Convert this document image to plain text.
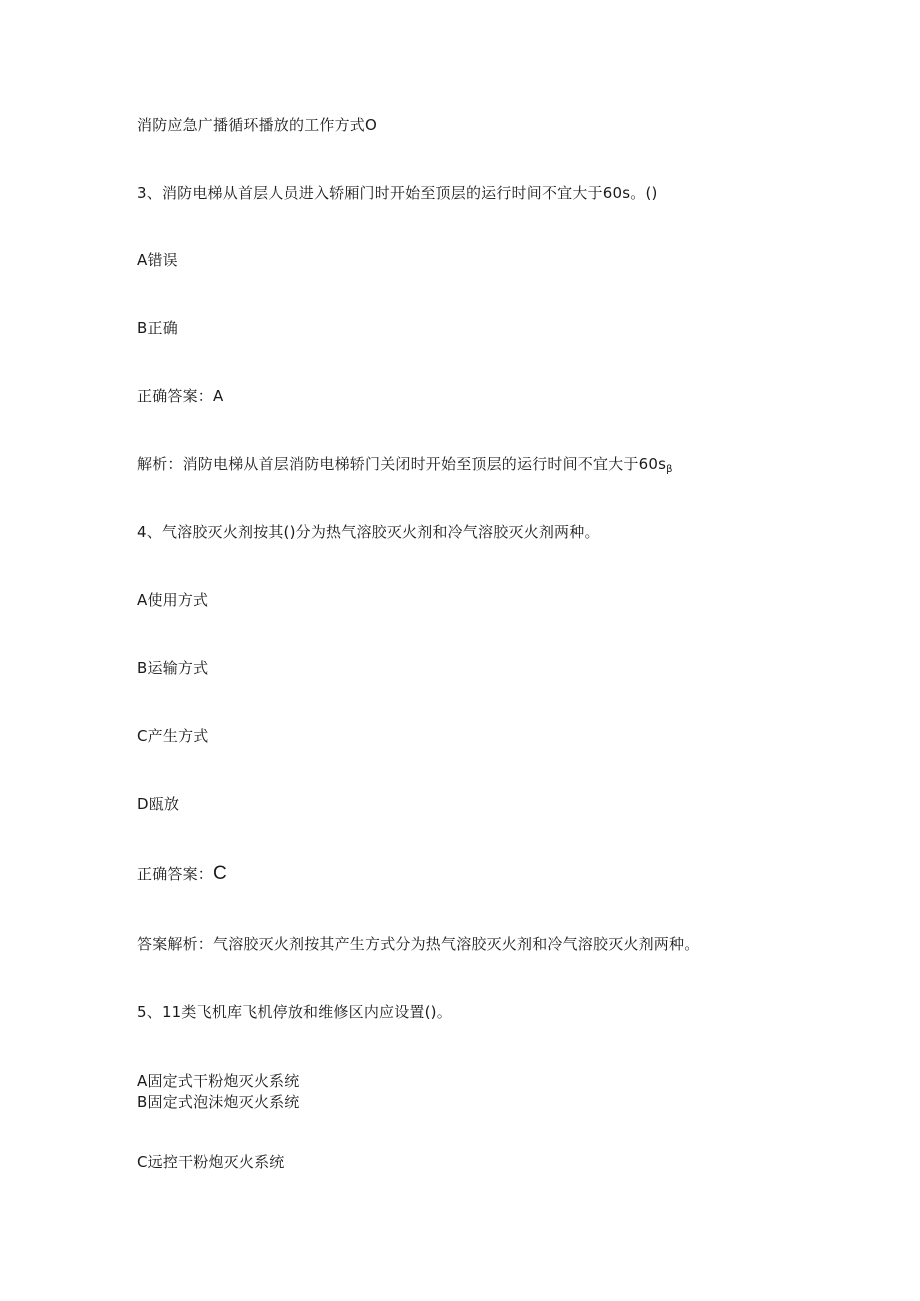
消防应急广播循环播放的工作方式O
3、消防电梯从首层人员进入轿厢门时开始至顶层的运行时间不宜大于60s。()
A错误
B正确
正确答案：A
解析：消防电梯从首层消防电梯轿门关闭时开始至顶层的运行时间不宜大于$60s_\beta$
4、气溶胶灭火剂按其()分为热气溶胶灭火剂和冷气溶胶灭火剂两种。
A使用方式
B运输方式
C产生方式
D瓯放
正确答案：C
答案解析：气溶胶灭火剂按其产生方式分为热气溶胶灭火剂和冷气溶胶灭火剂两种。
5、11类飞机库飞机停放和维修区内应设置()。
A固定式干粉炮灭火系统
B固定式泡沫炮灭火系统
C远控干粉炮灭火系统
